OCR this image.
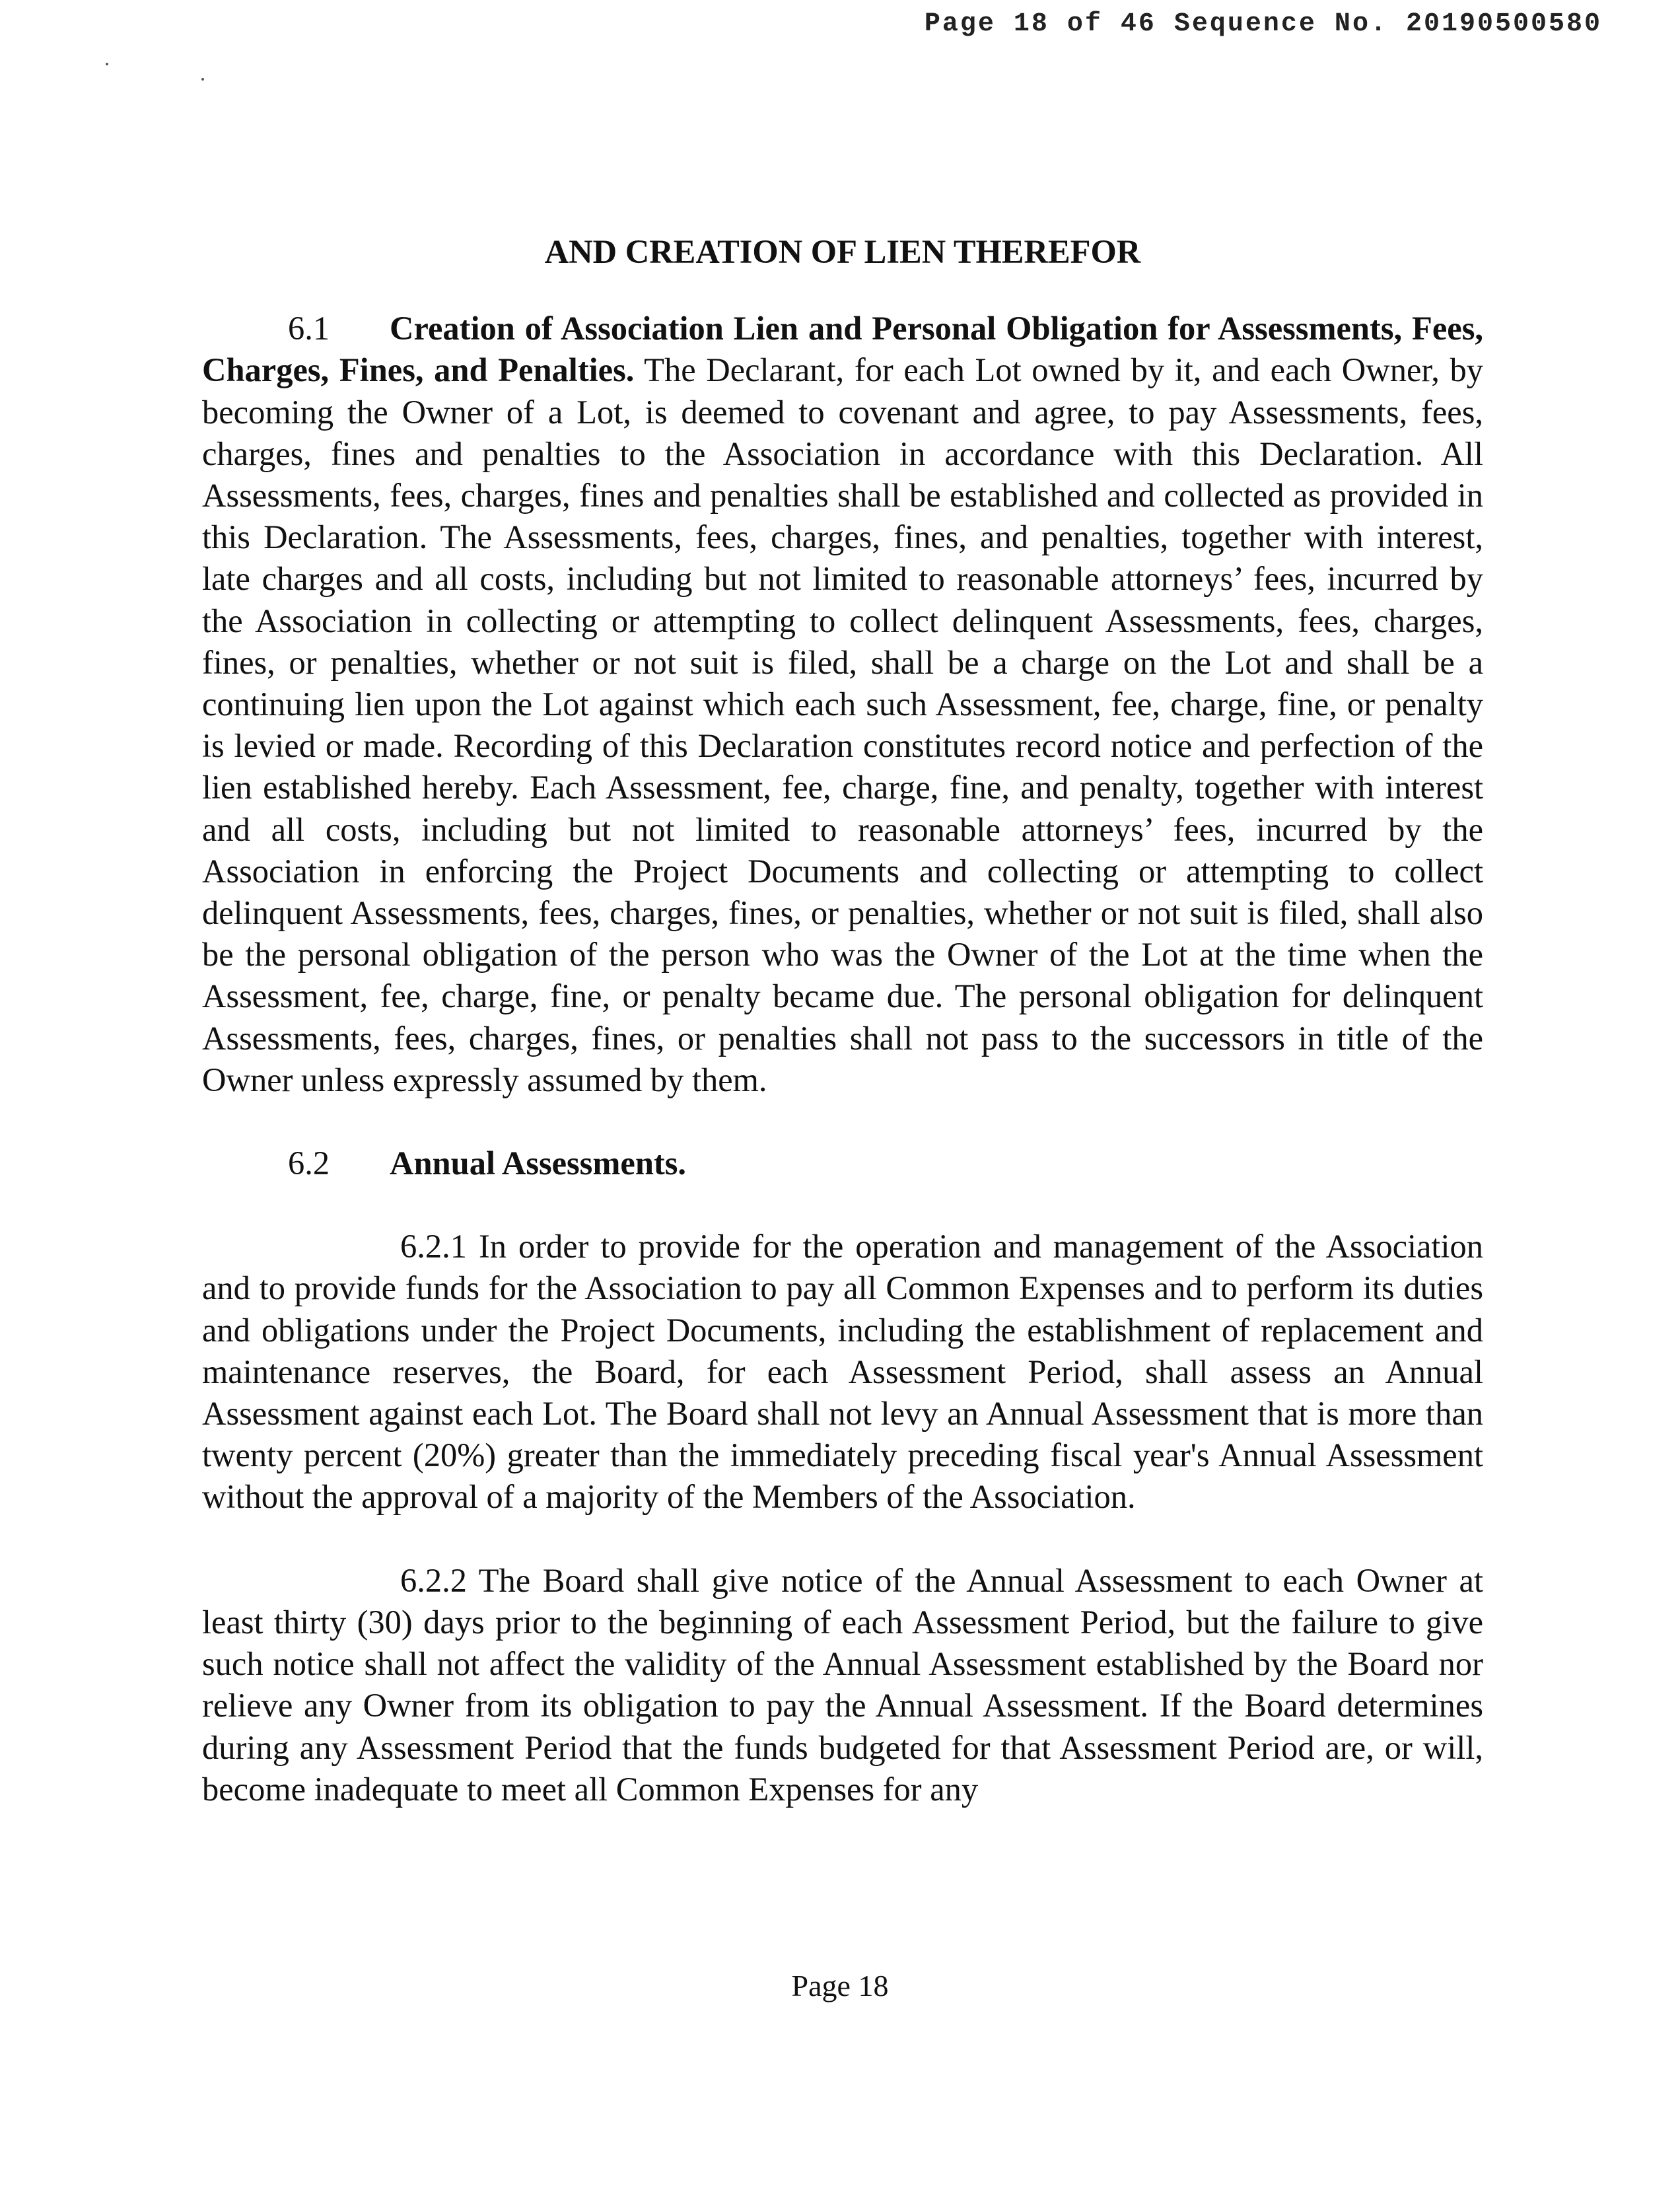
Page 18 of 46 Sequence No. 20190500580
AND CREATION OF LIEN THEREFOR

6.1 Creation of Association Lien and Personal Obligation for Assessments, Fees, Charges, Fines, and Penalties. The Declarant, for each Lot owned by it, and each Owner, by becoming the Owner of a Lot, is deemed to covenant and agree, to pay Assessments, fees, charges, fines and penalties to the Association in accordance with this Declaration. All Assessments, fees, charges, fines and penalties shall be established and collected as provided in this Declaration. The Assessments, fees, charges, fines, and penalties, together with interest, late charges and all costs, including but not limited to reasonable attorneys’ fees, incurred by the Association in collecting or attempting to collect delinquent Assessments, fees, charges, fines, or penalties, whether or not suit is filed, shall be a charge on the Lot and shall be a continuing lien upon the Lot against which each such Assessment, fee, charge, fine, or penalty is levied or made. Recording of this Declaration constitutes record notice and perfection of the lien established hereby. Each Assessment, fee, charge, fine, and penalty, together with interest and all costs, including but not limited to reasonable attorneys’ fees, incurred by the Association in enforcing the Project Documents and collecting or attempting to collect delinquent Assessments, fees, charges, fines, or penalties, whether or not suit is filed, shall also be the personal obligation of the person who was the Owner of the Lot at the time when the Assessment, fee, charge, fine, or penalty became due. The personal obligation for delinquent Assessments, fees, charges, fines, or penalties shall not pass to the successors in title of the Owner unless expressly assumed by them.

6.2 Annual Assessments.

6.2.1 In order to provide for the operation and management of the Association and to provide funds for the Association to pay all Common Expenses and to perform its duties and obligations under the Project Documents, including the establishment of replacement and maintenance reserves, the Board, for each Assessment Period, shall assess an Annual Assessment against each Lot. The Board shall not levy an Annual Assessment that is more than twenty percent (20%) greater than the immediately preceding fiscal year's Annual Assessment without the approval of a majority of the Members of the Association.

6.2.2 The Board shall give notice of the Annual Assessment to each Owner at least thirty (30) days prior to the beginning of each Assessment Period, but the failure to give such notice shall not affect the validity of the Annual Assessment established by the Board nor relieve any Owner from its obligation to pay the Annual Assessment. If the Board determines during any Assessment Period that the funds budgeted for that Assessment Period are, or will, become inadequate to meet all Common Expenses for any

Page 18
